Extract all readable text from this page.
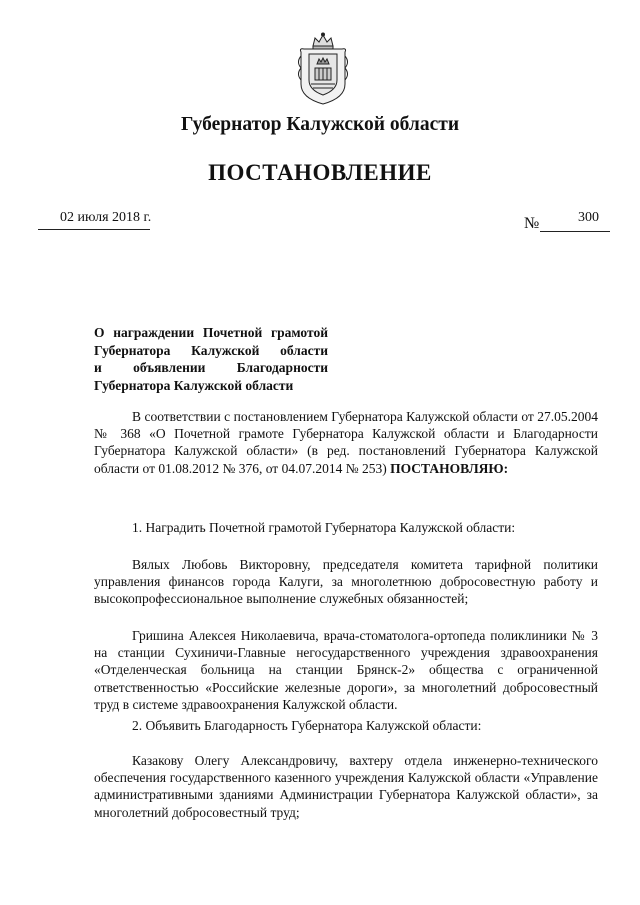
Губернатор Калужской области
ПОСТАНОВЛЕНИЕ
02 июля 2018 г.	№	300
О награждении Почетной грамотой
Губернатора Калужской области
и объявлении Благодарности
Губернатора Калужской области
В соответствии с постановлением Губернатора Калужской области от 27.05.2004 № 368 «О Почетной грамоте Губернатора Калужской области и Благодарности Губернатора Калужской области» (в ред. постановлений Губернатора Калужской области от 01.08.2012 № 376, от 04.07.2014 № 253) ПОСТАНОВЛЯЮ:
1. Наградить Почетной грамотой Губернатора Калужской области:
Вялых Любовь Викторовну, председателя комитета тарифной политики управления финансов города Калуги, за многолетнюю добросовестную работу и высокопрофессиональное выполнение служебных обязанностей;
Гришина Алексея Николаевича, врача-стоматолога-ортопеда поликлиники № 3 на станции Сухиничи-Главные негосударственного учреждения здравоохранения «Отделенческая больница на станции Брянск-2» общества с ограниченной ответственностью «Российские железные дороги», за многолетний добросовестный труд в системе здравоохранения Калужской области.
2. Объявить Благодарность Губернатора Калужской области:
Казакову Олегу Александровичу, вахтеру отдела инженерно-технического обеспечения государственного казенного учреждения Калужской области «Управление административными зданиями Администрации Губернатора Калужской области», за многолетний добросовестный труд;
